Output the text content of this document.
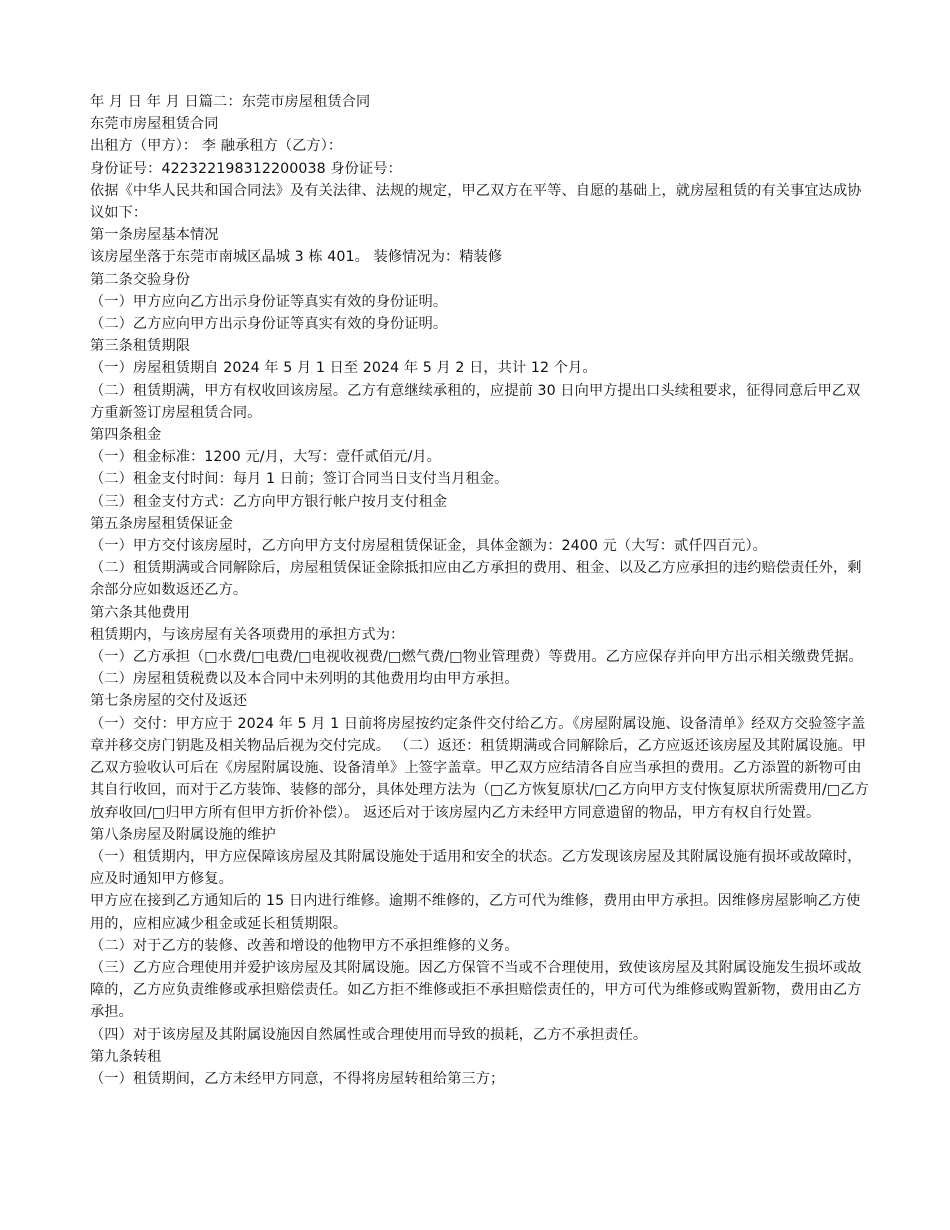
年 月 日 年 月 日篇二：东莞市房屋租赁合同

东莞市房屋租赁合同

出租方（甲方）： 李 融承租方（乙方）：

身份证号：422322198312200038 身份证号：

依据《中华人民共和国合同法》及有关法律、法规的规定，甲乙双方在平等、自愿的基础上，就房屋租赁的有关事宜达成协议如下：

第一条房屋基本情况

该房屋坐落于东莞市南城区晶城 3 栋 401。 装修情况为：精装修

第二条交验身份

（一）甲方应向乙方出示身份证等真实有效的身份证明。

（二）乙方应向甲方出示身份证等真实有效的身份证明。

第三条租赁期限

（一）房屋租赁期自 2024 年 5 月 1 日至 2024 年 5 月 2 日，共计 12 个月。

（二）租赁期满，甲方有权收回该房屋。乙方有意继续承租的，应提前 30 日向甲方提出口头续租要求，征得同意后甲乙双方重新签订房屋租赁合同。

第四条租金

（一）租金标准：1200 元/月，大写：壹仟贰佰元/月。

（二）租金支付时间：每月 1 日前；签订合同当日支付当月租金。

（三）租金支付方式：乙方向甲方银行帐户按月支付租金

第五条房屋租赁保证金

（一）甲方交付该房屋时，乙方向甲方支付房屋租赁保证金，具体金额为：2400 元（大写：贰仟四百元）。

（二）租赁期满或合同解除后，房屋租赁保证金除抵扣应由乙方承担的费用、租金、以及乙方应承担的违约赔偿责任外，剩余部分应如数返还乙方。

第六条其他费用

租赁期内，与该房屋有关各项费用的承担方式为：

（一）乙方承担（□水费/□电费/□电视收视费/□燃气费/□物业管理费）等费用。乙方应保存并向甲方出示相关缴费凭据。

（二）房屋租赁税费以及本合同中未列明的其他费用均由甲方承担。

第七条房屋的交付及返还

（一）交付：甲方应于 2024 年 5 月 1 日前将房屋按约定条件交付给乙方。《房屋附属设施、设备清单》经双方交验签字盖章并移交房门钥匙及相关物品后视为交付完成。 （二）返还：租赁期满或合同解除后，乙方应返还该房屋及其附属设施。甲乙双方验收认可后在《房屋附属设施、设备清单》上签字盖章。甲乙双方应结清各自应当承担的费用。乙方添置的新物可由其自行收回，而对于乙方装饰、装修的部分，具体处理方法为（□乙方恢复原状/□乙方向甲方支付恢复原状所需费用/□乙方放弃收回/□归甲方所有但甲方折价补偿）。 返还后对于该房屋内乙方未经甲方同意遗留的物品，甲方有权自行处置。

第八条房屋及附属设施的维护

（一）租赁期内，甲方应保障该房屋及其附属设施处于适用和安全的状态。乙方发现该房屋及其附属设施有损坏或故障时，应及时通知甲方修复。

甲方应在接到乙方通知后的 15 日内进行维修。逾期不维修的，乙方可代为维修，费用由甲方承担。因维修房屋影响乙方使用的，应相应减少租金或延长租赁期限。

（二）对于乙方的装修、改善和增设的他物甲方不承担维修的义务。

（三）乙方应合理使用并爱护该房屋及其附属设施。因乙方保管不当或不合理使用，致使该房屋及其附属设施发生损坏或故障的，乙方应负责维修或承担赔偿责任。如乙方拒不维修或拒不承担赔偿责任的，甲方可代为维修或购置新物，费用由乙方承担。

（四）对于该房屋及其附属设施因自然属性或合理使用而导致的损耗，乙方不承担责任。

第九条转租

（一）租赁期间，乙方未经甲方同意，不得将房屋转租给第三方；
